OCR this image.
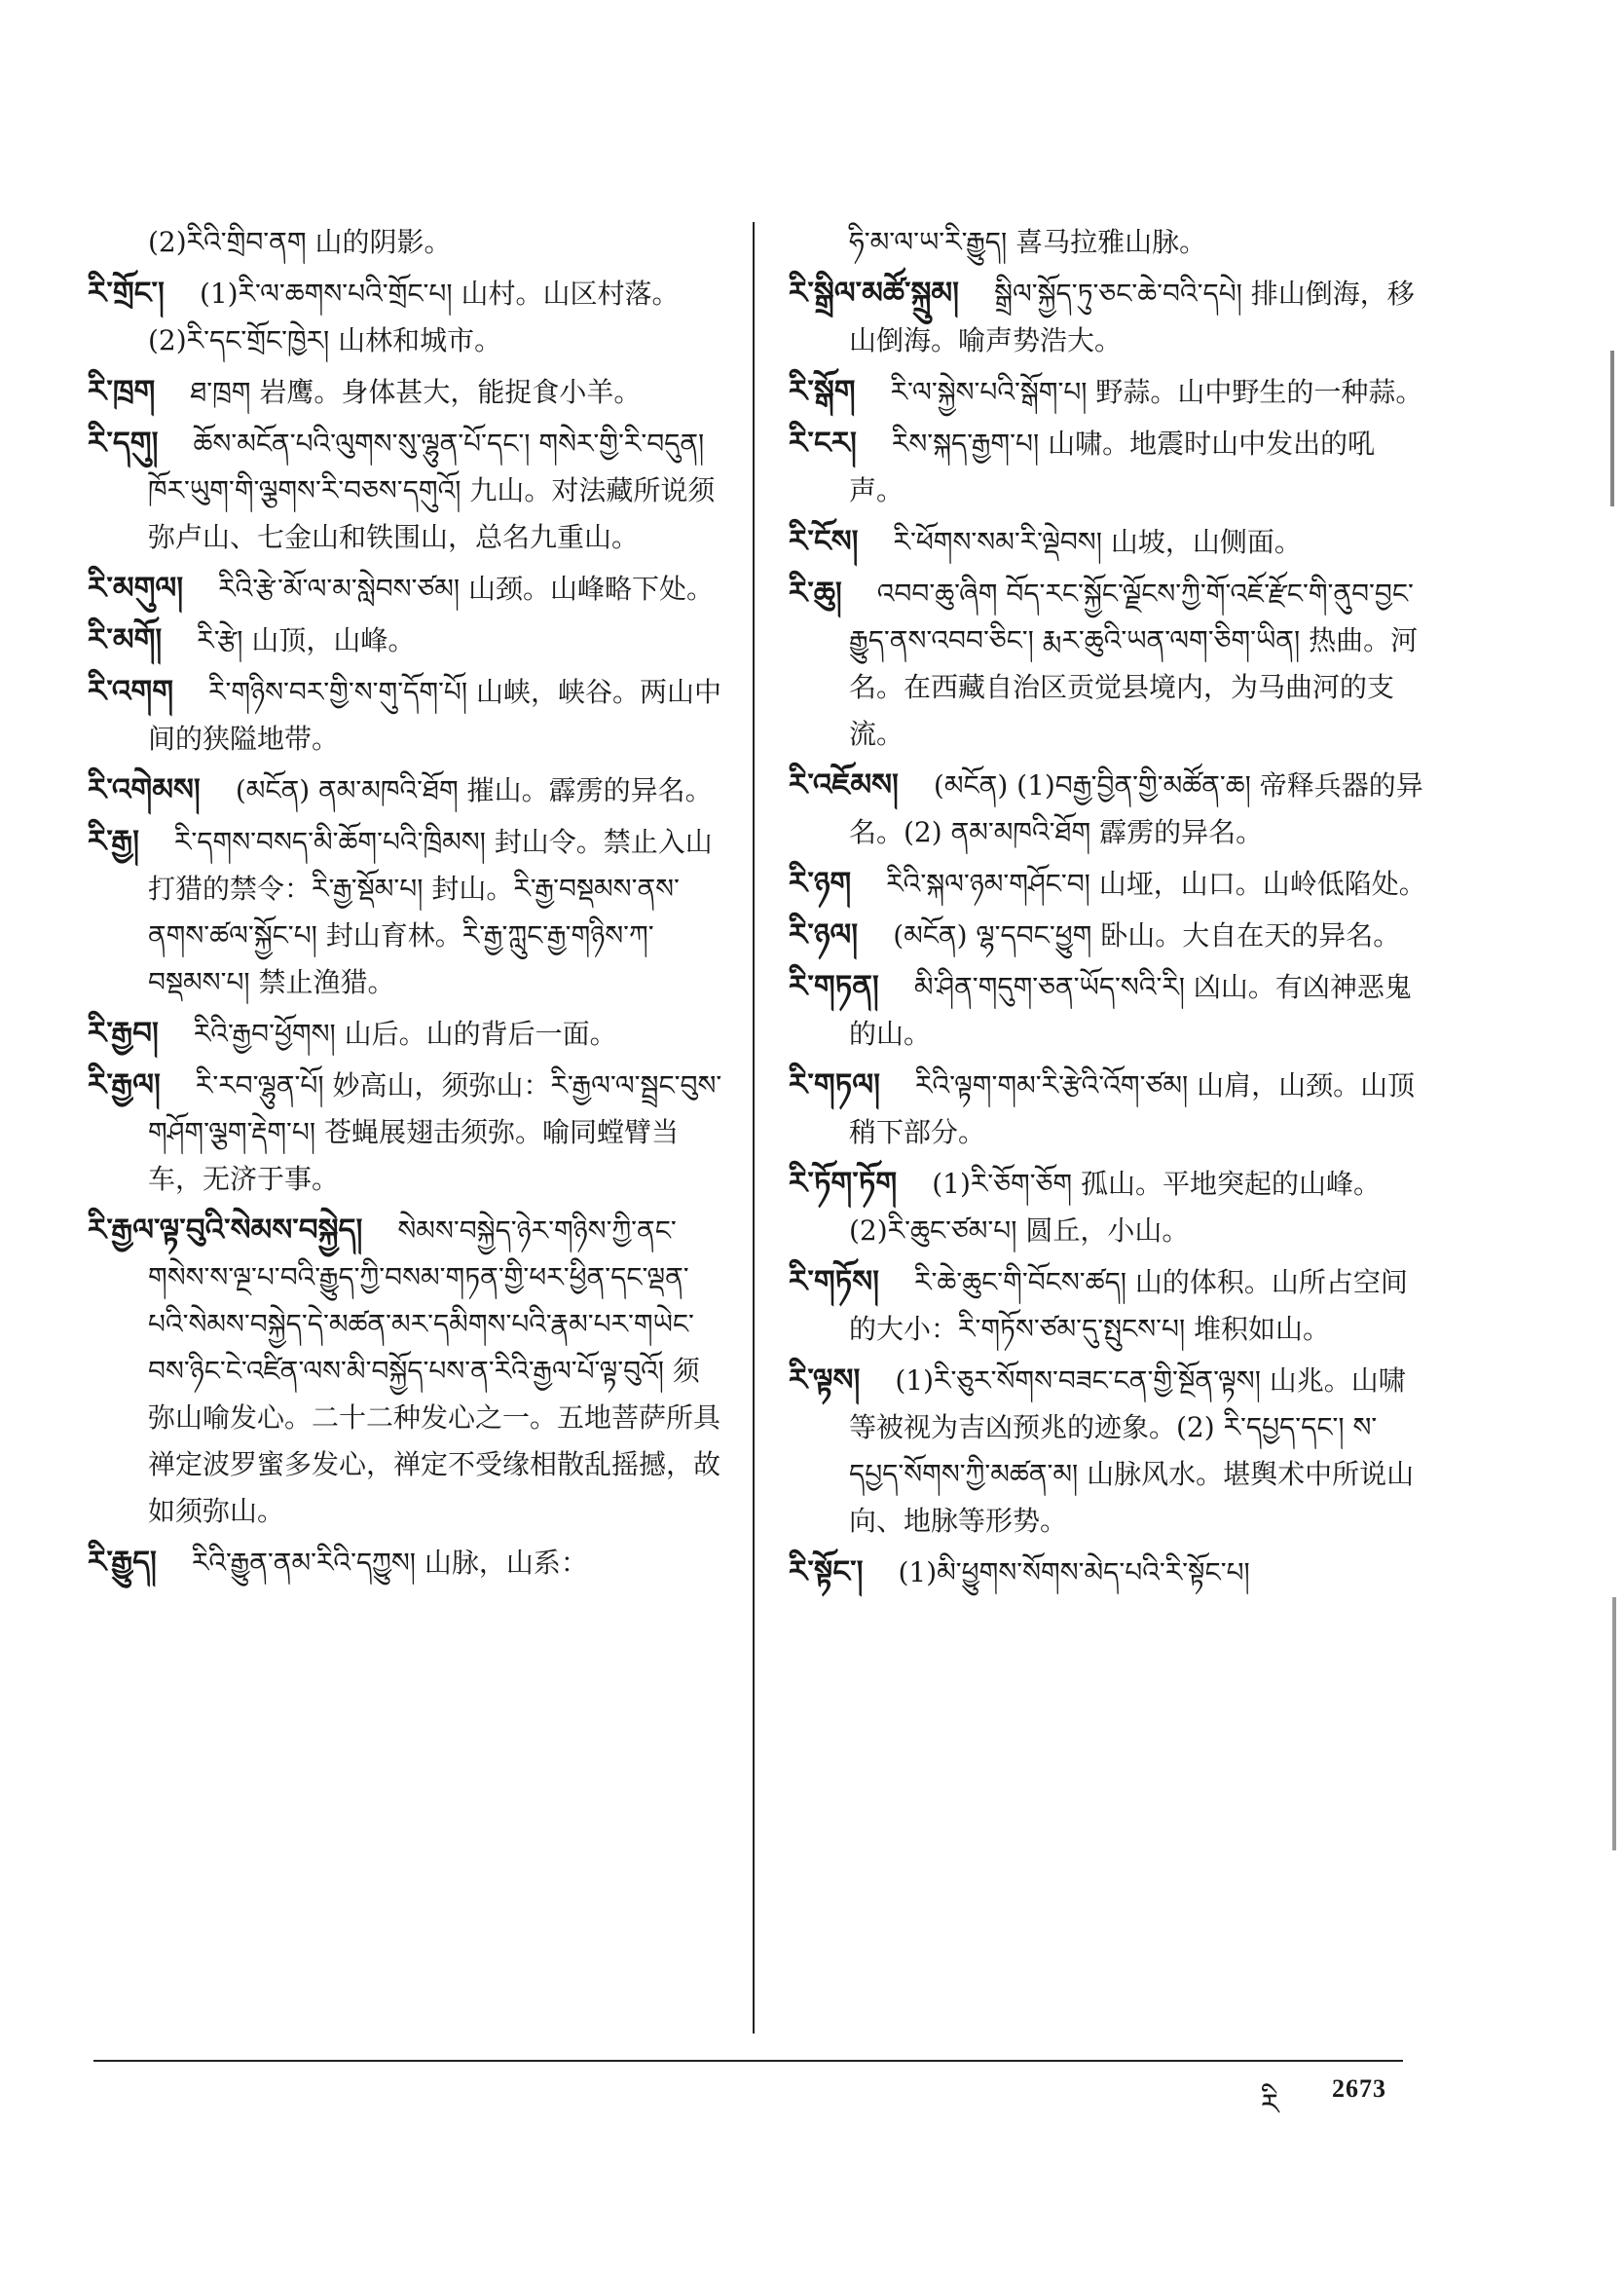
(2)རིའི་གྲིབ་ནག 山的阴影。
རི་གྲོང་། (1)རི་ལ་ཆགས་པའི་གྲོང་པ། 山村。山区村落。(2)རི་དང་གྲོང་ཁྱེར། 山林和城市。
རི་ཁྲག ཐ་ཁྲག 岩鹰。身体甚大，能捉食小羊。
རི་དགུ། ཆོས་མངོན་པའི་ལུགས་སུ་ལྷུན་པོ་དང་། གསེར་གྱི་རི་བདུན། ཁོར་ཡུག་གི་ལྕགས་རི་བཅས་དགུའོ། 九山。对法藏所说须弥卢山、七金山和铁围山，总名九重山。
རི་མགུལ། རིའི་རྩེ་མོ་ལ་མ་སླེབས་ཙམ། 山颈。山峰略下处。
རི་མགོ། རི་རྩེ། 山顶，山峰。
རི་འགག རི་གཉིས་བར་གྱི་ས་གུ་དོག་པོ། 山峡，峡谷。两山中间的狭隘地带。
རི་འགེམས། (མངོན) ནམ་མཁའི་ཐོག 摧山。霹雳的异名。
རི་རྒྱ། རི་དགས་བསད་མི་ཆོག་པའི་ཁྲིམས། 封山令。禁止入山打猎的禁令：རི་རྒྱ་སྡོམ་པ། 封山。རི་རྒྱ་བསྡམས་ནས་ནགས་ཚལ་སྐྱོང་པ། 封山育林。རི་རྒྱ་ཀླུང་རྒྱ་གཉིས་ཀ་བསྡམས་པ། 禁止渔猎。
རི་རྒྱབ། རིའི་རྒྱབ་ཕྱོགས། 山后。山的背后一面。
རི་རྒྱལ། རི་རབ་ལྷུན་པོ། 妙高山，须弥山：རི་རྒྱལ་ལ་སྦྲང་བུས་གཤོག་ལྕག་རྡེག་པ། 苍蝇展翅击须弥。喻同螳臂当车，无济于事。
རི་རྒྱལ་ལྟ་བུའི་སེམས་བསྐྱེད། སེམས་བསྐྱེད་ཉེར་གཉིས་ཀྱི་ནང་གསེས་ས་ལྔ་པ་བའི་རྒྱུད་ཀྱི་བསམ་གཏན་གྱི་ཕར་ཕྱིན་དང་ལྡན་པའི་སེམས་བསྐྱེད་དེ་མཚན་མར་དམིགས་པའི་རྣམ་པར་གཡེང་བས་ཉིང་ངེ་འཛིན་ལས་མི་བསྐྱོད་པས་ན་རིའི་རྒྱལ་པོ་ལྟ་བུའོ། 须弥山喻发心。二十二种发心之一。五地菩萨所具禅定波罗蜜多发心，禅定不受缘相散乱摇撼，故如须弥山。
རི་རྒྱུད། རིའི་རྒྱུན་ནམ་རིའི་དཀྱུས། 山脉，山系：
ཧི་མ་ལ་ཡ་རི་རྒྱུད། 喜马拉雅山脉。
རི་སྒྲིལ་མཚོ་སྐྲུམ། སྒྲིལ་སྐྱོད་ཏུ་ཅང་ཆེ་བའི་དཔེ། 排山倒海，移山倒海。喻声势浩大。
རི་སྒོག རི་ལ་སྐྱེས་པའི་སྒོག་པ། 野蒜。山中野生的一种蒜。
རི་ངར། རིས་སྐད་རྒྱག་པ། 山啸。地震时山中发出的吼声。
རི་ངོས། རི་ཕོགས་སམ་རི་ལྡེབས། 山坡，山侧面。
རི་ཆུ། འབབ་ཆུ་ཞིག བོད་རང་སྐྱོང་ལྗོངས་ཀྱི་གོ་འཇོ་རྫོང་གི་ནུབ་བྱང་རྒྱུད་ནས་འབབ་ཅིང་། རྨར་ཆུའི་ཡན་ལག་ཅིག་ཡིན། 热曲。河名。在西藏自治区贡觉县境内，为马曲河的支流。
རི་འཇོམས། (མངོན) (1)བརྒྱ་བྱིན་གྱི་མཚོན་ཆ། 帝释兵器的异名。(2) ནམ་མཁའི་ཐོག 霹雳的异名。
རི་ཉག རིའི་སྐལ་ཉམ་གཤོང་བ། 山垭，山口。山岭低陷处。
རི་ཉལ། (མངོན) ལྷ་དབང་ཕྱུག 卧山。大自在天的异名。
རི་གཏན། མི་ཤིན་གདུག་ཅན་ཡོད་སའི་རི། 凶山。有凶神恶鬼的山。
རི་གཏལ། རིའི་ལྟག་གམ་རི་རྩེའི་འོག་ཙམ། 山肩，山颈。山顶稍下部分。
རི་ཏོག་ཏོག (1)རི་ཅོག་ཅོག 孤山。平地突起的山峰。(2)རི་ཆུང་ཙམ་པ། 圆丘，小山。
རི་གཏོས། རི་ཆེ་ཆུང་གི་བོངས་ཚད། 山的体积。山所占空间的大小：རི་གཏོས་ཙམ་དུ་སྤུངས་པ། 堆积如山。
རི་ལྟས། (1)རི་ཅུར་སོགས་བཟང་ངན་གྱི་སྔོན་ལྟས། 山兆。山啸等被视为吉凶预兆的迹象。(2) རི་དཔྱད་དང་། ས་དཔྱད་སོགས་ཀྱི་མཚན་མ། 山脉风水。堪舆术中所说山向、地脉等形势。
རི་སྟོང་། (1)མི་ཕྱུགས་སོགས་མེད་པའི་རི་སྟོང་པ།
རི 2673
